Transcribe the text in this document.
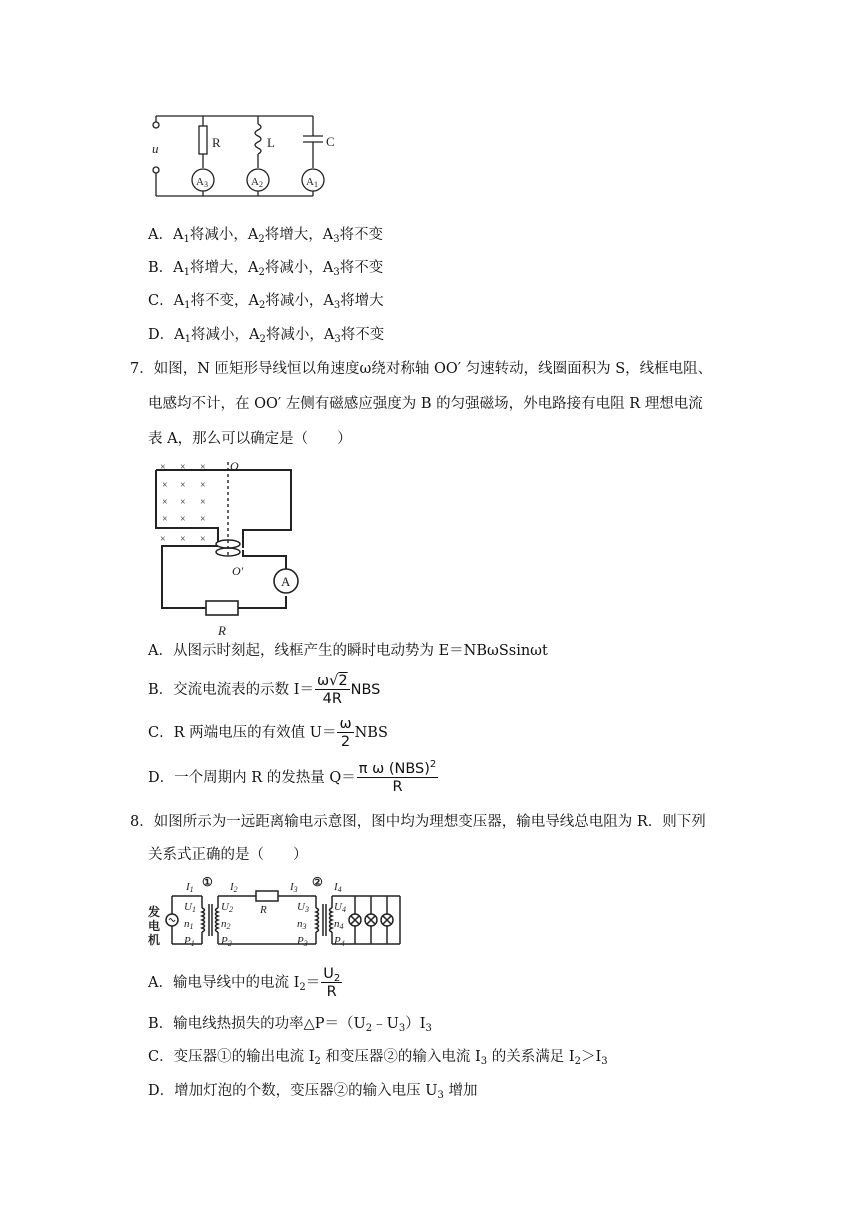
u	R	L	C
A3	A2	A1
A．$A_1$将减小，$A_2$将增大，$A_3$将不变
B．$A_1$将增大，$A_2$将减小，$A_3$将不变
C．$A_1$将不变，$A_2$将减小，$A_3$将增大
D．$A_1$将减小，$A_2$将减小，$A_3$将不变
7．如图，N 匝矩形导线恒以角速度ω绕对称轴 OO′ 匀速转动，线圈面积为 S，线框电阻、
电感均不计，在 OO′ 左侧有磁感应强度为 B 的匀强磁场，外电路接有电阻 R 理想电流
表 A，那么可以确定是（　　）
O
O'
R
A
× × ×
× × ×
× × ×
× × ×
× × ×
A．从图示时刻起，线框产生的瞬时电动势为 E＝NBωSsinωt
B．交流电流表的示数 $I= \frac{\omega√2}{4R}$ NBS
C．R 两端电压的有效值 $U= \frac{\omega}{2}$ NBS
D．一个周期内 R 的发热量 $Q= \frac{\pi \omega (NBS)^2}{R}$
8．如图所示为一远距离输电示意图，图中均为理想变压器，输电导线总电阻为 R．则下列
关系式正确的是（　　）
发
电
机
①	②
R
I1	I2	I3	I4
U1
n1
P1
U2
n2
P2
U3
n3
P3
U4
n4
P4
A．输电导线中的电流 $I_2= \frac{U_2}{R}$
B．输电线热损失的功率$\triangle P=(U_2﹣U_3)I_3$
C．变压器①的输出电流 $I_2$ 和变压器②的输入电流 $I_3$ 的关系满足 $I_2>I_3$
D．增加灯泡的个数，变压器②的输入电压 $U_3$ 增加
